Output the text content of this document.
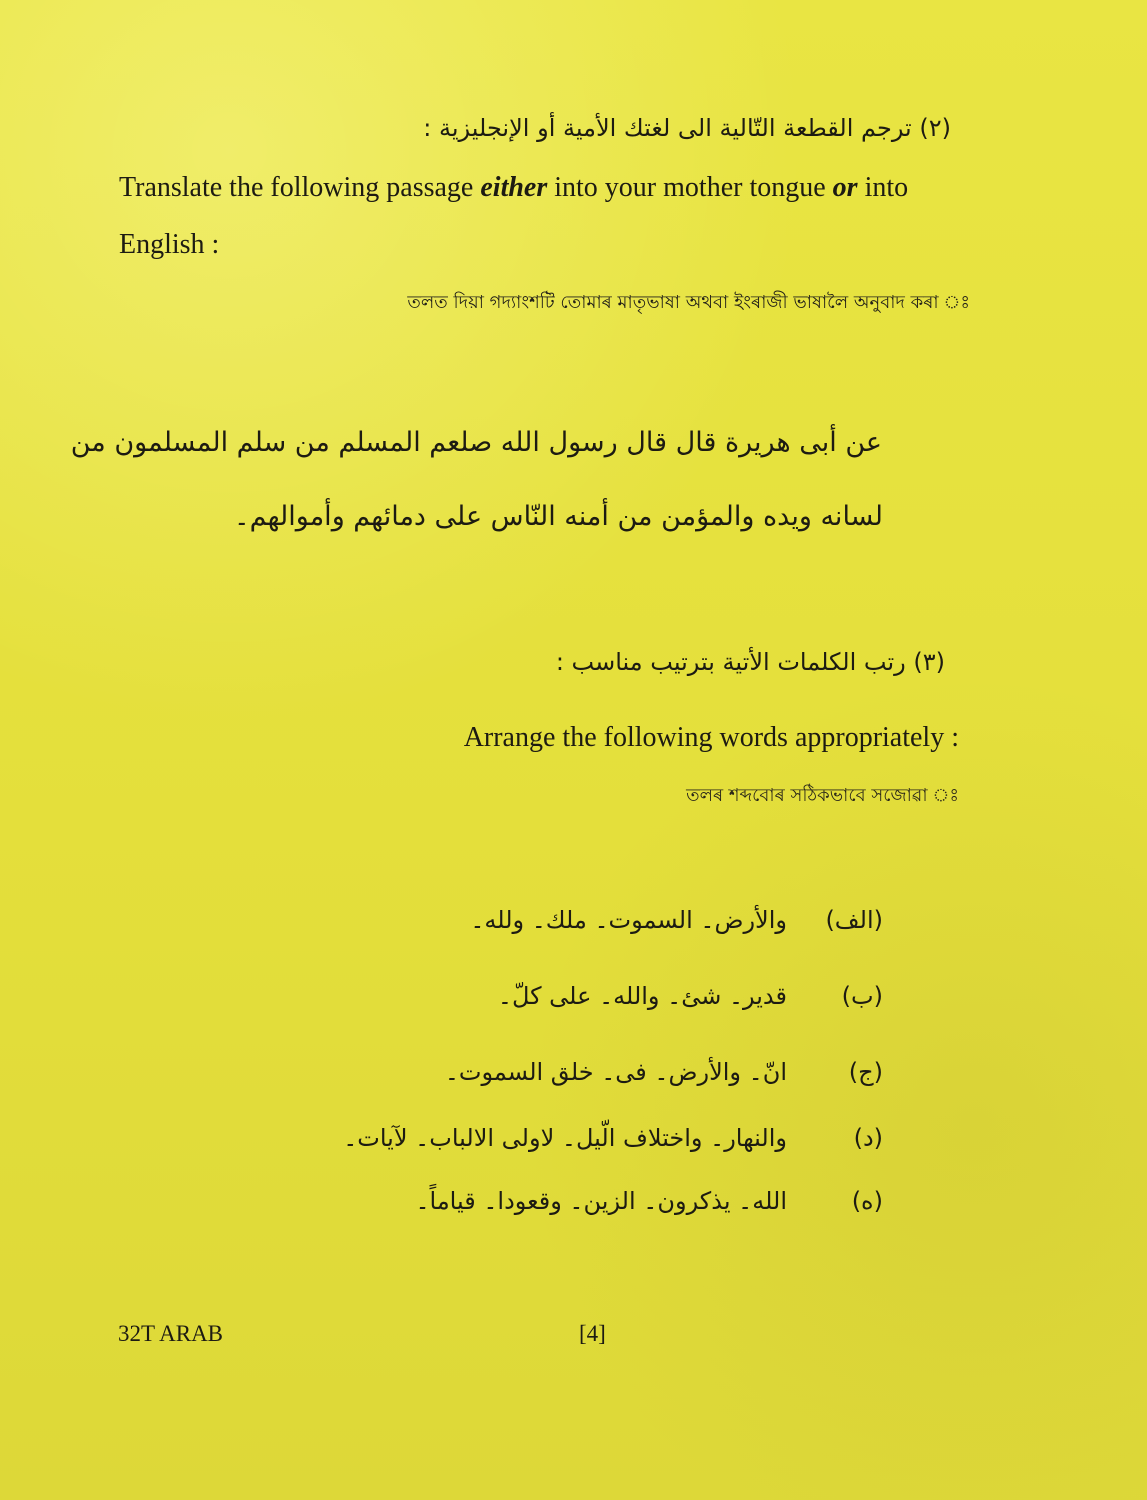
(٢) ترجم القطعة التّالية الى لغتك الأمية أو الإنجليزية :
Translate the following passage either into your mother tongue or into
English :
তলত দিয়া গদ্যাংশটি তোমাৰ মাতৃভাষা অথবা ইংৰাজী ভাষালৈ অনুবাদ কৰা ঃ
عن أبى هريرة قال قال رسول الله صلعم المسلم من سلم المسلمون من
لسانه ويده والمؤمن من أمنه النّاس على دمائهم وأموالهم۔
(٣) رتب الكلمات الأتية بترتيب مناسب :
Arrange the following words appropriately :
তলৰ শব্দবোৰ সঠিকভাবে সজোৱা ঃ
والأرض۔ السموت۔ ملك۔ ولله۔ (الف)
قدير۔ شئ۔ والله۔ على كلّ۔ (ب)
انّ۔ والأرض۔ فى۔ خلق السموت۔	(ج)
والنهار۔ واختلاف الّيل۔ لاولى الالباب۔ لآيات۔	(د)
الله۔ يذكرون۔ الزين۔ وقعودا۔ قياماً۔	(ه)
32T ARAB	[4]
